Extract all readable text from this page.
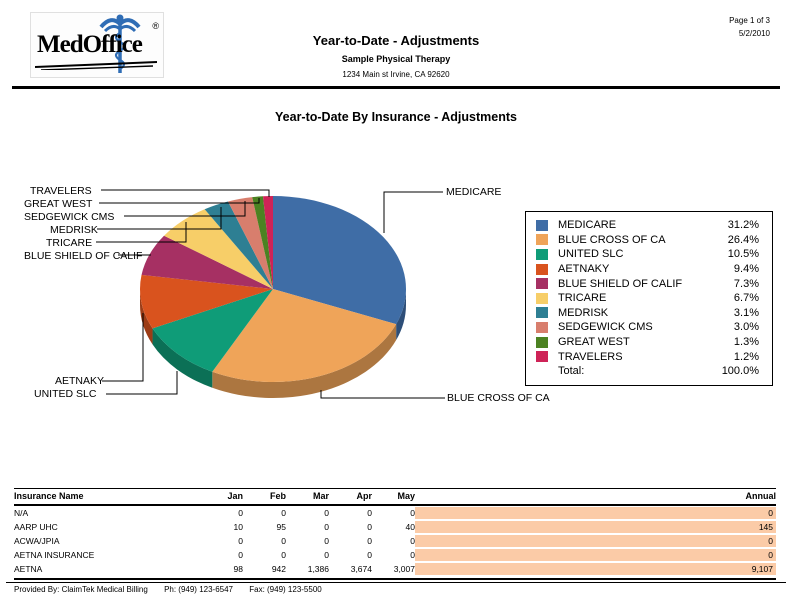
MedOffice
®
Year-to-Date - Adjustments
Sample Physical Therapy
1234 Main st Irvine, CA 92620
Page 1 of 3
5/2/2010
Year-to-Date By Insurance - Adjustments
TRAVELERS
GREAT WEST
SEDGEWICK CMS
MEDRISK
TRICARE
BLUE SHIELD OF CALIF
MEDICARE
AETNAKY
UNITED SLC	BLUE CROSS OF CA
MEDICARE	31.2%
BLUE CROSS OF CA	26.4%
UNITED SLC	10.5%
AETNAKY	9.4%
BLUE SHIELD OF CALIF	7.3%
TRICARE	6.7%
MEDRISK	3.1%
SEDGEWICK CMS	3.0%
GREAT WEST	1.3%
TRAVELERS	1.2%
Total:	100.0%
Insurance Name	Jan	Feb	Mar	Apr	May	Annual
N/A	0	0	0	0	0	0

AARP UHC	10	95	0	0	40	145

ACWA/JPIA	0	0	0	0	0	0

AETNA INSURANCE	0	0	0	0	0	0

AETNA	98	942	1,386	3,674	3,007	9,107
Provided By: ClaimTek Medical Billing Ph: (949) 123-6547 Fax: (949) 123-5500
